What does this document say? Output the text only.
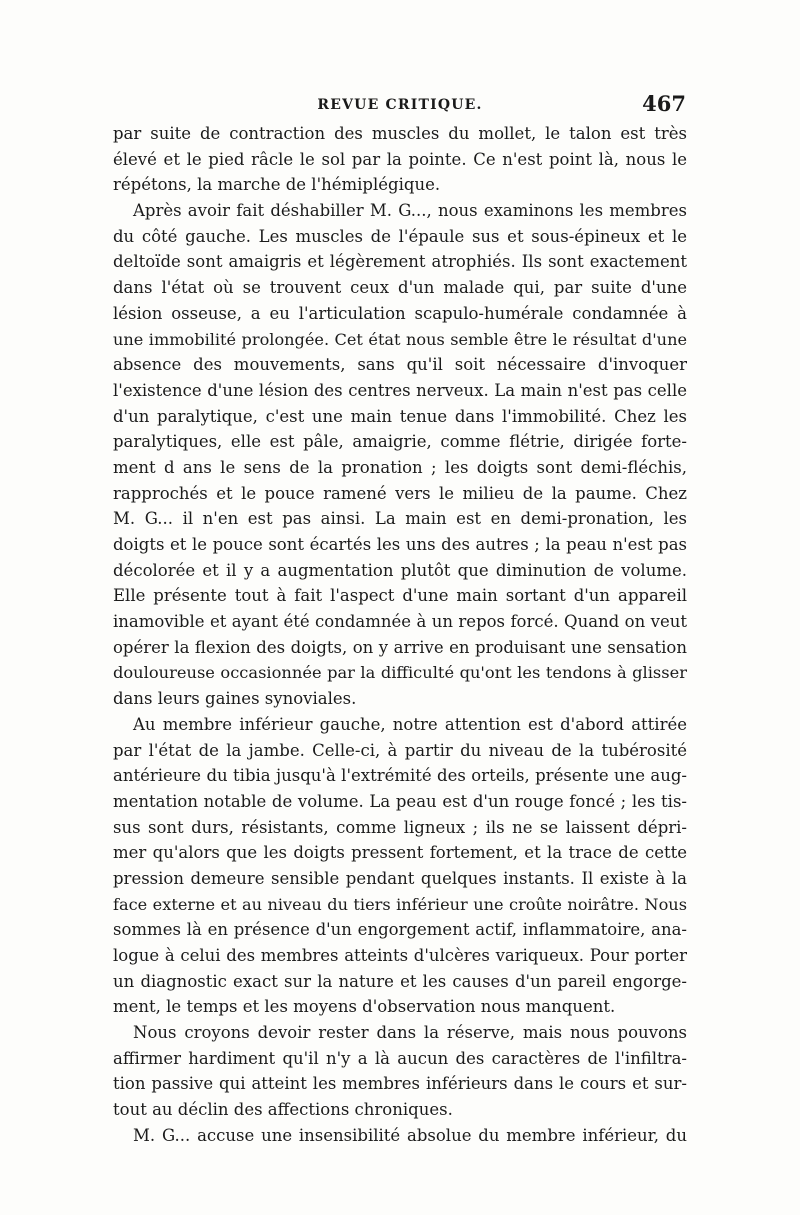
REVUE CRITIQUE.	467
par suite de contraction des muscles du mollet, le talon est très
élevé et le pied râcle le sol par la pointe. Ce n'est point là, nous le
répétons, la marche de l'hémiplégique.
Après avoir fait déshabiller M. G..., nous examinons les membres
du côté gauche. Les muscles de l'épaule sus et sous-épineux et le
deltoïde sont amaigris et légèrement atrophiés. Ils sont exactement
dans l'état où se trouvent ceux d'un malade qui, par suite d'une
lésion osseuse, a eu l'articulation scapulo-humérale condamnée à
une immobilité prolongée. Cet état nous semble être le résultat d'une
absence des mouvements, sans qu'il soit nécessaire d'invoquer
l'existence d'une lésion des centres nerveux. La main n'est pas celle
d'un paralytique, c'est une main tenue dans l'immobilité. Chez les
paralytiques, elle est pâle, amaigrie, comme flétrie, dirigée forte-
ment d ans le sens de la pronation ; les doigts sont demi-fléchis,
rapprochés et le pouce ramené vers le milieu de la paume. Chez
M. G... il n'en est pas ainsi. La main est en demi-pronation, les
doigts et le pouce sont écartés les uns des autres ; la peau n'est pas
décolorée et il y a augmentation plutôt que diminution de volume.
Elle présente tout à fait l'aspect d'une main sortant d'un appareil
inamovible et ayant été condamnée à un repos forcé. Quand on veut
opérer la flexion des doigts, on y arrive en produisant une sensation
douloureuse occasionnée par la difficulté qu'ont les tendons à glisser
dans leurs gaines synoviales.
Au membre inférieur gauche, notre attention est d'abord attirée
par l'état de la jambe. Celle-ci, à partir du niveau de la tubérosité
antérieure du tibia jusqu'à l'extrémité des orteils, présente une aug-
mentation notable de volume. La peau est d'un rouge foncé ; les tis-
sus sont durs, résistants, comme ligneux ; ils ne se laissent dépri-
mer qu'alors que les doigts pressent fortement, et la trace de cette
pression demeure sensible pendant quelques instants. Il existe à la
face externe et au niveau du tiers inférieur une croûte noirâtre. Nous
sommes là en présence d'un engorgement actif, inflammatoire, ana-
logue à celui des membres atteints d'ulcères variqueux. Pour porter
un diagnostic exact sur la nature et les causes d'un pareil engorge-
ment, le temps et les moyens d'observation nous manquent.
Nous croyons devoir rester dans la réserve, mais nous pouvons
affirmer hardiment qu'il n'y a là aucun des caractères de l'infiltra-
tion passive qui atteint les membres inférieurs dans le cours et sur-
tout au déclin des affections chroniques.
M. G... accuse une insensibilité absolue du membre inférieur, du
